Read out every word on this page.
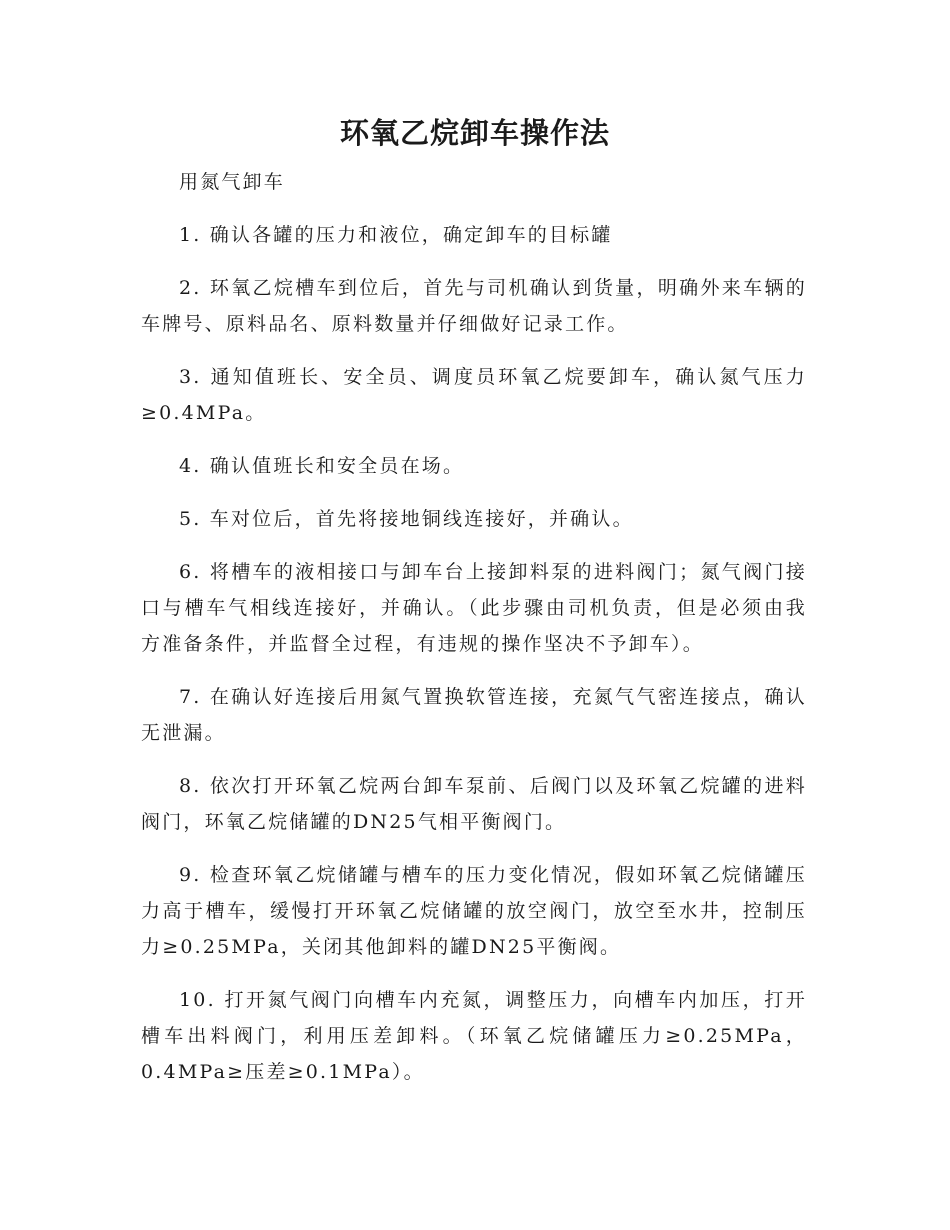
环氧乙烷卸车操作法

用氮气卸车

1. 确认各罐的压力和液位，确定卸车的目标罐

2. 环氧乙烷槽车到位后，首先与司机确认到货量，明确外来车辆的车牌号、原料品名、原料数量并仔细做好记录工作。

3. 通知值班长、安全员、调度员环氧乙烷要卸车，确认氮气压力≥0.4MPa。

4. 确认值班长和安全员在场。

5. 车对位后，首先将接地铜线连接好，并确认。

6. 将槽车的液相接口与卸车台上接卸料泵的进料阀门；氮气阀门接口与槽车气相线连接好，并确认。（此步骤由司机负责，但是必须由我方准备条件，并监督全过程，有违规的操作坚决不予卸车）。

7. 在确认好连接后用氮气置换软管连接，充氮气气密连接点，确认无泄漏。

8. 依次打开环氧乙烷两台卸车泵前、后阀门以及环氧乙烷罐的进料阀门，环氧乙烷储罐的DN25气相平衡阀门。

9. 检查环氧乙烷储罐与槽车的压力变化情况，假如环氧乙烷储罐压力高于槽车，缓慢打开环氧乙烷储罐的放空阀门，放空至水井，控制压力≥0.25MPa，关闭其他卸料的罐DN25平衡阀。

10. 打开氮气阀门向槽车内充氮，调整压力，向槽车内加压，打开槽车出料阀门，利用压差卸料。（环氧乙烷储罐压力≥0.25MPa，0.4MPa≥压差≥0.1MPa）。
